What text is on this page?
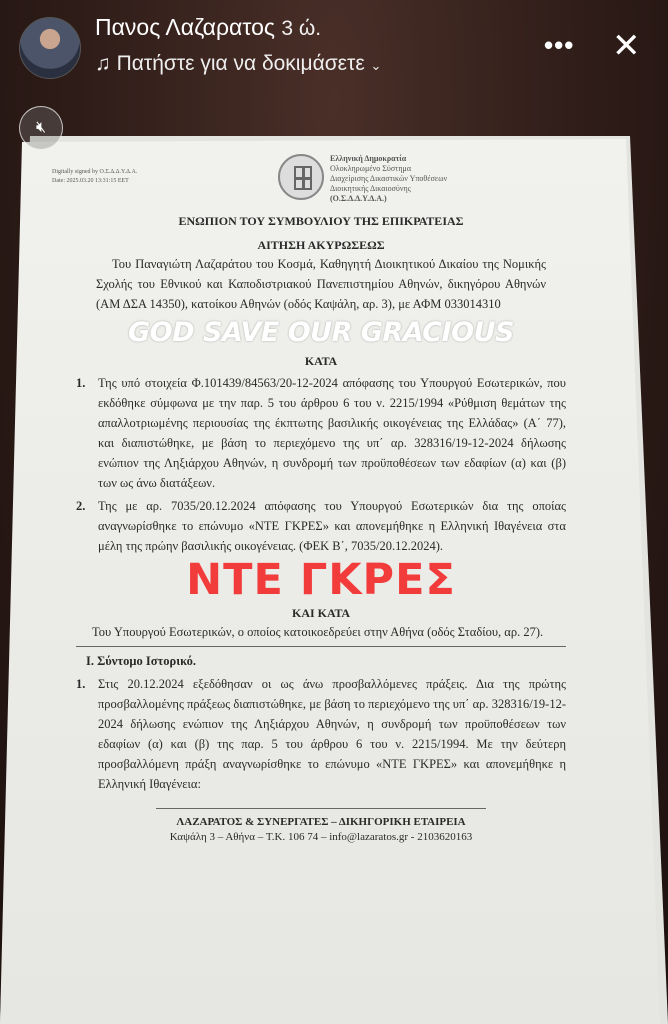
Digitally signed by Ο.Σ.Δ.Δ.Υ.Δ.Α.
Date: 2025.03.20 13:31:15 EET
Ελληνική Δημοκρατία
Ολοκληρωμένο Σύστημα
Διαχείρισης Δικαστικών Υποθέσεων
Διοικητικής Δικαιοσύνης
(Ο.Σ.Δ.Δ.Υ.Δ.Α.)
ΕΝΩΠΙΟΝ ΤΟΥ ΣΥΜΒΟΥΛΙΟΥ ΤΗΣ ΕΠΙΚΡΑΤΕΙΑΣ
ΑΙΤΗΣΗ ΑΚΥΡΩΣΕΩΣ
Του Παναγιώτη Λαζαράτου του Κοσμά, Καθηγητή Διοικητικού Δικαίου της Νομικής Σχολής του Εθνικού και Καποδιστριακού Πανεπιστημίου Αθηνών, δικηγόρου Αθηνών (ΑΜ ΔΣΑ 14350), κατοίκου Αθηνών (οδός Καψάλη, αρ. 3), με ΑΦΜ 033014310
GOD SAVE OUR GRACIOUS
ΚΑΤΑ
1.	Της υπό στοιχεία Φ.101439/84563/20-12-2024 απόφασης του Υπουργού Εσωτερικών, που εκδόθηκε σύμφωνα με την παρ. 5 του άρθρου 6 του ν. 2215/1994 «Ρύθμιση θεμάτων της απαλλοτριωμένης περιουσίας της έκπτωτης βασιλικής οικογένειας της Ελλάδας» (Α΄ 77), και διαπιστώθηκε, με βάση το περιεχόμενο της υπ΄ αρ. 328316/19-12-2024 δήλωσης ενώπιον της Ληξιάρχου Αθηνών, η συνδρομή των προϋποθέσεων των εδαφίων (α) και (β) των ως άνω διατάξεων.
2.	Της με αρ. 7035/20.12.2024 απόφασης του Υπουργού Εσωτερικών δια της οποίας αναγνωρίσθηκε το επώνυμο «ΝΤΕ ΓΚΡΕΣ» και απονεμήθηκε η Ελληνική Ιθαγένεια στα μέλη της πρώην βασιλικής οικογένειας. (ΦΕΚ Β΄, 7035/20.12.2024).
ΝΤΕ ΓΚΡΕΣ
ΚΑΙ ΚΑΤΑ
Του Υπουργού Εσωτερικών, ο οποίος κατοικοεδρεύει στην Αθήνα (οδός Σταδίου, αρ. 27).
Ι. Σύντομο Ιστορικό.
1.	Στις 20.12.2024 εξεδόθησαν οι ως άνω προσβαλλόμενες πράξεις. Δια της πρώτης προσβαλλομένης πράξεως διαπιστώθηκε, με βάση το περιεχόμενο της υπ΄ αρ. 328316/19-12-2024 δήλωσης ενώπιον της Ληξιάρχου Αθηνών, η συνδρομή των προϋποθέσεων των εδαφίων (α) και (β) της παρ. 5 του άρθρου 6 του ν. 2215/1994. Με την δεύτερη προσβαλλόμενη πράξη αναγνωρίσθηκε το επώνυμο «ΝΤΕ ΓΚΡΕΣ» και απονεμήθηκε η Ελληνική Ιθαγένεια:
ΛΑΖΑΡΑΤΟΣ & ΣΥΝΕΡΓΑΤΕΣ – ΔΙΚΗΓΟΡΙΚΗ ΕΤΑΙΡΕΙΑ
Καψάλη 3 – Αθήνα – Τ.Κ. 106 74 – info@lazaratos.gr - 2103620163
Πανος Λαζαρατος 3 ώ.
♫ Πατήστε για να δοκιμάσετε ⌄
••• ✕
🔇︎
